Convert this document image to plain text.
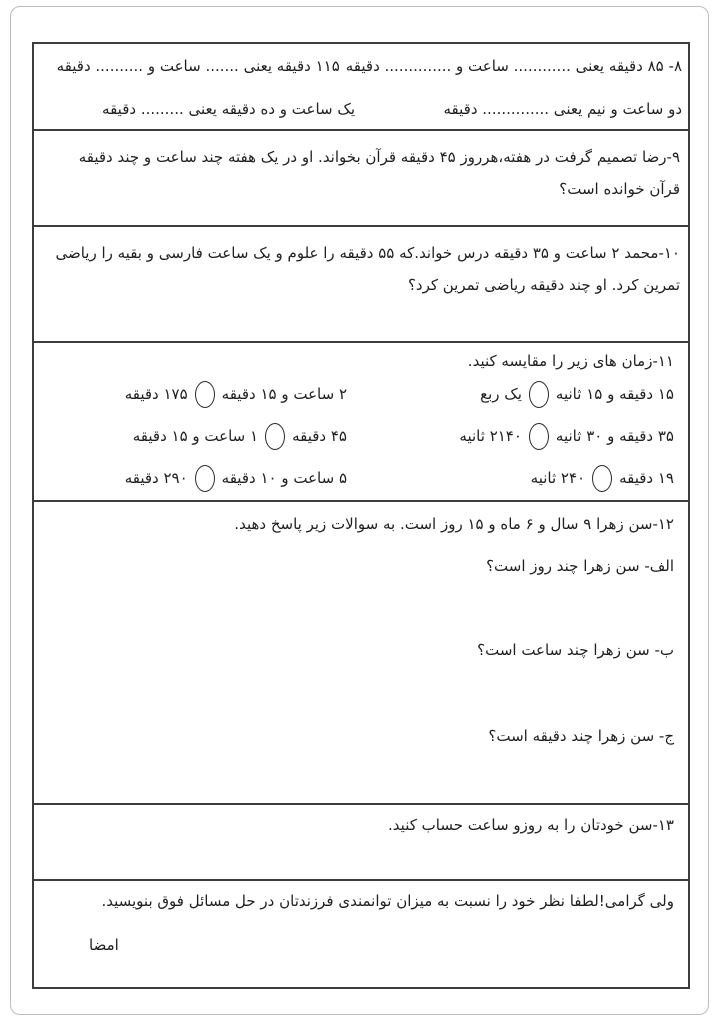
۸- ۸۵ دقیقه یعنی ............ ساعت و .............. دقیقه
۱۱۵ دقیقه یعنی ....... ساعت و .......... دقیقه
دو ساعت و نیم یعنی .............. دقیقه
یک ساعت و ده دقیقه یعنی ......... دقیقه

۹-رضا تصمیم گرفت در هفته،هرروز ۴۵ دقیقه قرآن بخواند. او در یک هفته چند ساعت و چند دقیقه قرآن خوانده است؟

۱۰-محمد ۲ ساعت و ۳۵ دقیقه درس خواند.که ۵۵ دقیقه را علوم و یک ساعت فارسی و بقیه را ریاضی تمرین کرد. او چند دقیقه ریاضی تمرین کرد؟

۱۱-زمان های زیر را مقایسه کنید.
۱۵ دقیقه و ۱۵ ثانیه
یک ربع
۲ ساعت و ۱۵ دقیقه
۱۷۵ دقیقه
۳۵ دقیقه و ۳۰ ثانیه
۲۱۴۰ ثانیه
۴۵ دقیقه
۱ ساعت و ۱۵ دقیقه
۱۹ دقیقه
۲۴۰ ثانیه
۵ ساعت و ۱۰ دقیقه
۲۹۰ دقیقه

۱۲-سن زهرا ۹ سال و ۶ ماه و ۱۵ روز است. به سوالات زیر پاسخ دهید.

الف- سن زهرا چند روز است؟

ب- سن زهرا چند ساعت است؟

ج- سن زهرا چند دقیقه است؟

۱۳-سن خودتان را به روزو ساعت حساب کنید.

ولی گرامی!لطفا نظر خود را نسبت به میزان توانمندی فرزندتان در حل مسائل فوق بنویسید.

امضا
